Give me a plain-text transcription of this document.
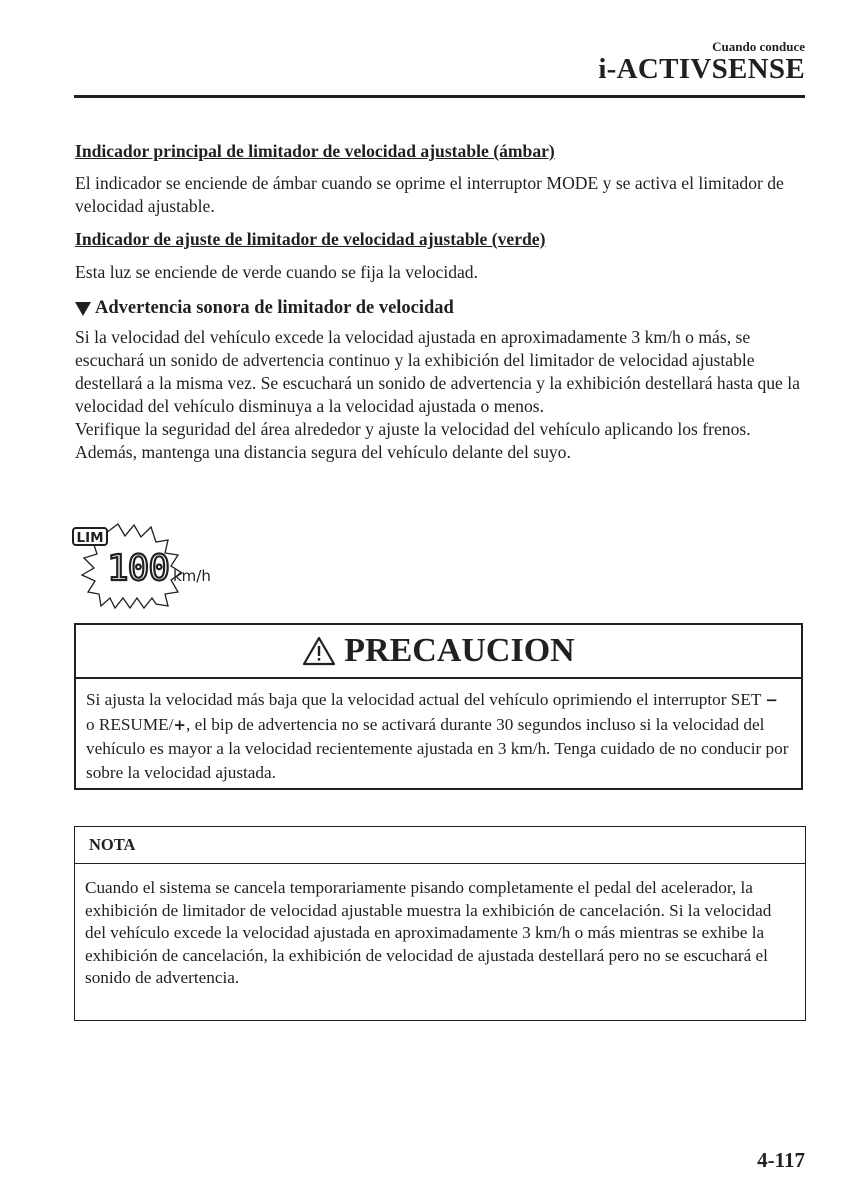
Cuando conduce
i-ACTIVSENSE

Indicador principal de limitador de velocidad ajustable (ámbar)

El indicador se enciende de ámbar cuando se oprime el interruptor MODE y se activa el limitador de velocidad ajustable.

Indicador de ajuste de limitador de velocidad ajustable (verde)

Esta luz se enciende de verde cuando se fija la velocidad.

Advertencia sonora de limitador de velocidad

Si la velocidad del vehículo excede la velocidad ajustada en aproximadamente 3 km/h o más, se escuchará un sonido de advertencia continuo y la exhibición del limitador de velocidad ajustable destellará a la misma vez. Se escuchará un sonido de advertencia y la exhibición destellará hasta que la velocidad del vehículo disminuya a la velocidad ajustada o menos.

Verifique la seguridad del área alrededor y ajuste la velocidad del vehículo aplicando los frenos. Además, mantenga una distancia segura del vehículo delante del suyo.

LIM
100 km/h
PRECAUCION
Si ajusta la velocidad más baja que la velocidad actual del vehículo oprimiendo el interruptor SET − o RESUME/+, el bip de advertencia no se activará durante 30 segundos incluso si la velocidad del vehículo es mayor a la velocidad recientemente ajustada en 3 km/h. Tenga cuidado de no conducir por sobre la velocidad ajustada.
NOTA
Cuando el sistema se cancela temporariamente pisando completamente el pedal del acelerador, la exhibición de limitador de velocidad ajustable muestra la exhibición de cancelación. Si la velocidad del vehículo excede la velocidad ajustada en aproximadamente 3 km/h o más mientras se exhibe la exhibición de cancelación, la exhibición de velocidad de ajustada destellará pero no se escuchará el sonido de advertencia.
4-117
